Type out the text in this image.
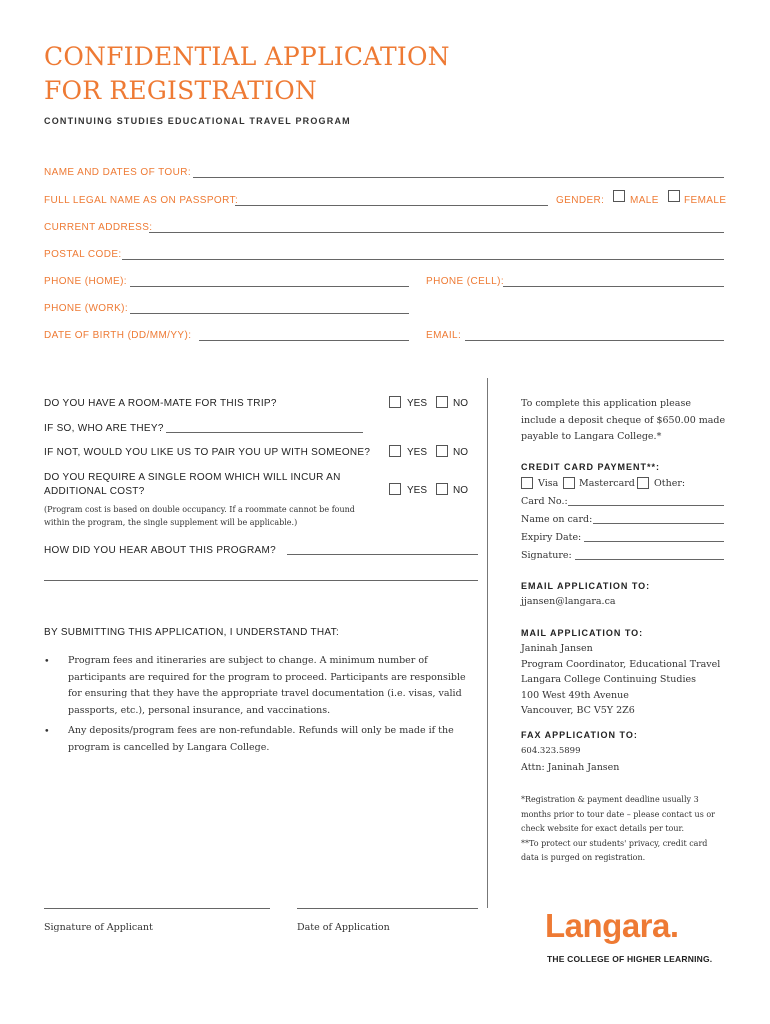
CONFIDENTIAL APPLICATION
FOR REGISTRATION
CONTINUING STUDIES EDUCATIONAL TRAVEL PROGRAM
NAME AND DATES OF TOUR:
FULL LEGAL NAME AS ON PASSPORT:	GENDER:	MALE	FEMALE
CURRENT ADDRESS:
POSTAL CODE:
PHONE (HOME):	PHONE (CELL):
PHONE (WORK):
DATE OF BIRTH (DD/MM/YY):	EMAIL:
DO YOU HAVE A ROOM-MATE FOR THIS TRIP?	YES	NO
IF SO, WHO ARE THEY?
IF NOT, WOULD YOU LIKE US TO PAIR YOU UP WITH SOMEONE?	YES	NO
DO YOU REQUIRE A SINGLE ROOM WHICH WILL INCUR AN
ADDITIONAL COST?	YES	NO
(Program cost is based on double occupancy. If a roommate cannot be found
within the program, the single supplement will be applicable.)
HOW DID YOU HEAR ABOUT THIS PROGRAM?
BY SUBMITTING THIS APPLICATION, I UNDERSTAND THAT:
• Program fees and itineraries are subject to change. A minimum number of
participants are required for the program to proceed. Participants are responsible
for ensuring that they have the appropriate travel documentation (i.e. visas, valid
passports, etc.), personal insurance, and vaccinations.
• Any deposits/program fees are non-refundable. Refunds will only be made if the
program is cancelled by Langara College.
Signature of Applicant	Date of Application
To complete this application please
include a deposit cheque of $650.00 made
payable to Langara College.*
CREDIT CARD PAYMENT**:
Visa Mastercard Other:
Card No.:
Name on card:
Expiry Date:
Signature:
EMAIL APPLICATION TO:
jjansen@langara.ca
MAIL APPLICATION TO:
Janinah Jansen
Program Coordinator, Educational Travel
Langara College Continuing Studies
100 West 49th Avenue
Vancouver, BC V5Y 2Z6
FAX APPLICATION TO:
604.323.5899
Attn: Janinah Jansen
*Registration & payment deadline usually 3
months prior to tour date – please contact us or
check website for exact details per tour.
**To protect our students' privacy, credit card
data is purged on registration.
Langara.
THE COLLEGE OF HIGHER LEARNING.
